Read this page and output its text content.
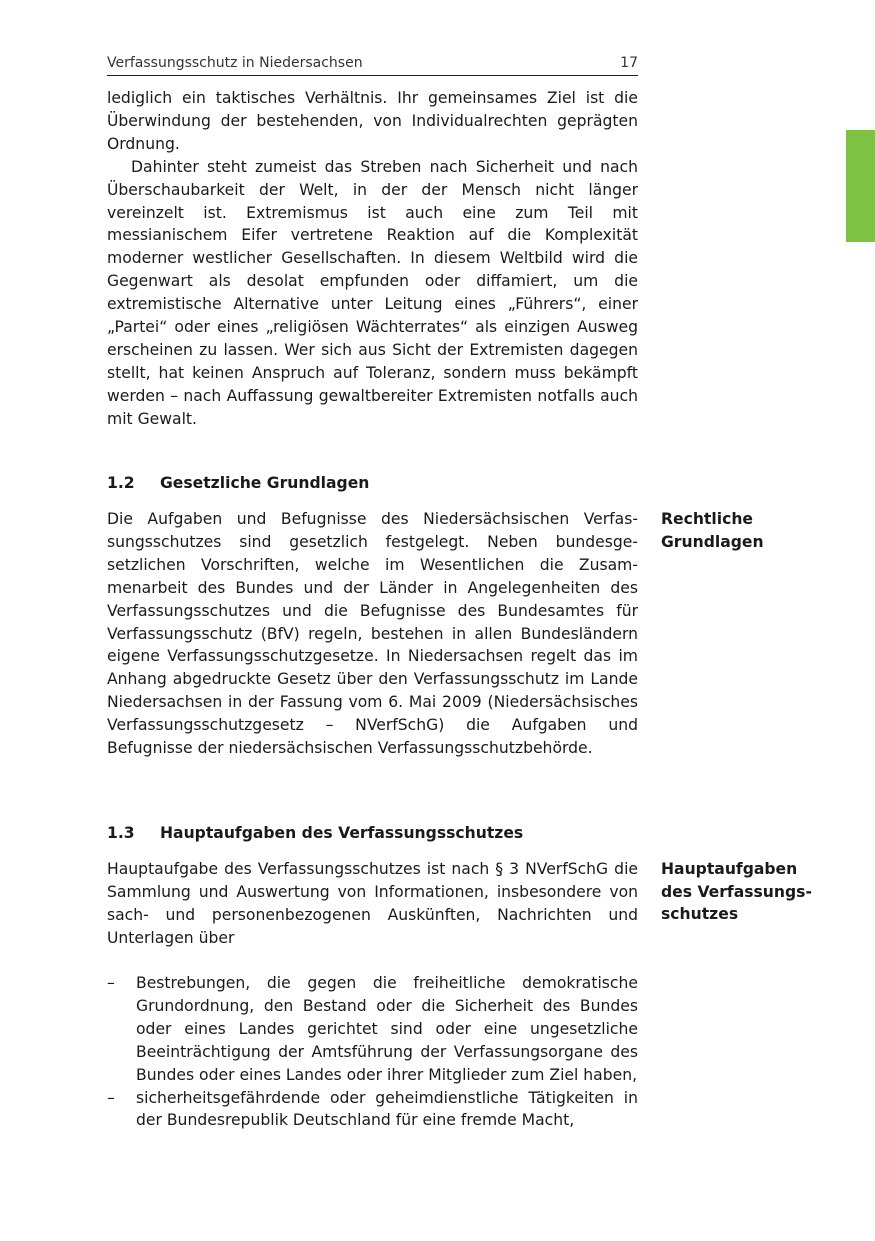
Verfassungsschutz in Niedersachsen	17

lediglich ein taktisches Verhältnis. Ihr gemeinsames Ziel ist die Überwindung der bestehenden, von Individualrechten geprägten Ordnung.

Dahinter steht zumeist das Streben nach Sicherheit und nach Überschaubarkeit der Welt, in der der Mensch nicht länger vereinzelt ist. Extremismus ist auch eine zum Teil mit messianischem Eifer vertretene Reaktion auf die Komplexität moderner westlicher Gesellschaften. In diesem Weltbild wird die Gegenwart als desolat empfunden oder diffamiert, um die extremistische Alternative unter Leitung eines „Führers“, einer „Partei“ oder eines „religiösen Wächterrates“ als einzigen Ausweg erscheinen zu lassen. Wer sich aus Sicht der Extremisten dagegen stellt, hat keinen Anspruch auf Toleranz, sondern muss bekämpft werden – nach Auffassung gewaltbereiter Extremisten notfalls auch mit Gewalt.

1.2 Gesetzliche Grundlagen
Die Aufgaben und Befugnisse des Niedersächsischen Verfassungsschutzes sind gesetzlich festgelegt. Neben bundesgesetzlichen Vorschriften, welche im Wesentlichen die Zusammenarbeit des Bundes und der Länder in Angelegenheiten des Verfassungsschutzes und die Befugnisse des Bundesamtes für Verfassungsschutz (BfV) regeln, bestehen in allen Bundesländern eigene Verfassungsschutzgesetze. In Niedersachsen regelt das im Anhang abgedruckte Gesetz über den Verfassungsschutz im Lande Niedersachsen in der Fassung vom 6. Mai 2009 (Niedersächsisches Verfassungsschutzgesetz – NVerfSchG) die Aufgaben und Befugnisse der niedersächsischen Verfassungsschutzbehörde.
Rechtliche
Grundlagen
1.3 Hauptaufgaben des Verfassungsschutzes
Hauptaufgabe des Verfassungsschutzes ist nach § 3 NVerfSchG die Sammlung und Auswertung von Informationen, insbesondere von sach- und personenbezogenen Auskünften, Nachrichten und Unterlagen über
Hauptaufgaben
des Verfassungs-
schutzes
– Bestrebungen, die gegen die freiheitliche demokratische Grundordnung, den Bestand oder die Sicherheit des Bundes oder eines Landes gerichtet sind oder eine ungesetzliche Beeinträchtigung der Amtsführung der Verfassungsorgane des Bundes oder eines Landes oder ihrer Mitglieder zum Ziel haben,
– sicherheitsgefährdende oder geheimdienstliche Tätigkeiten in der Bundesrepublik Deutschland für eine fremde Macht,
